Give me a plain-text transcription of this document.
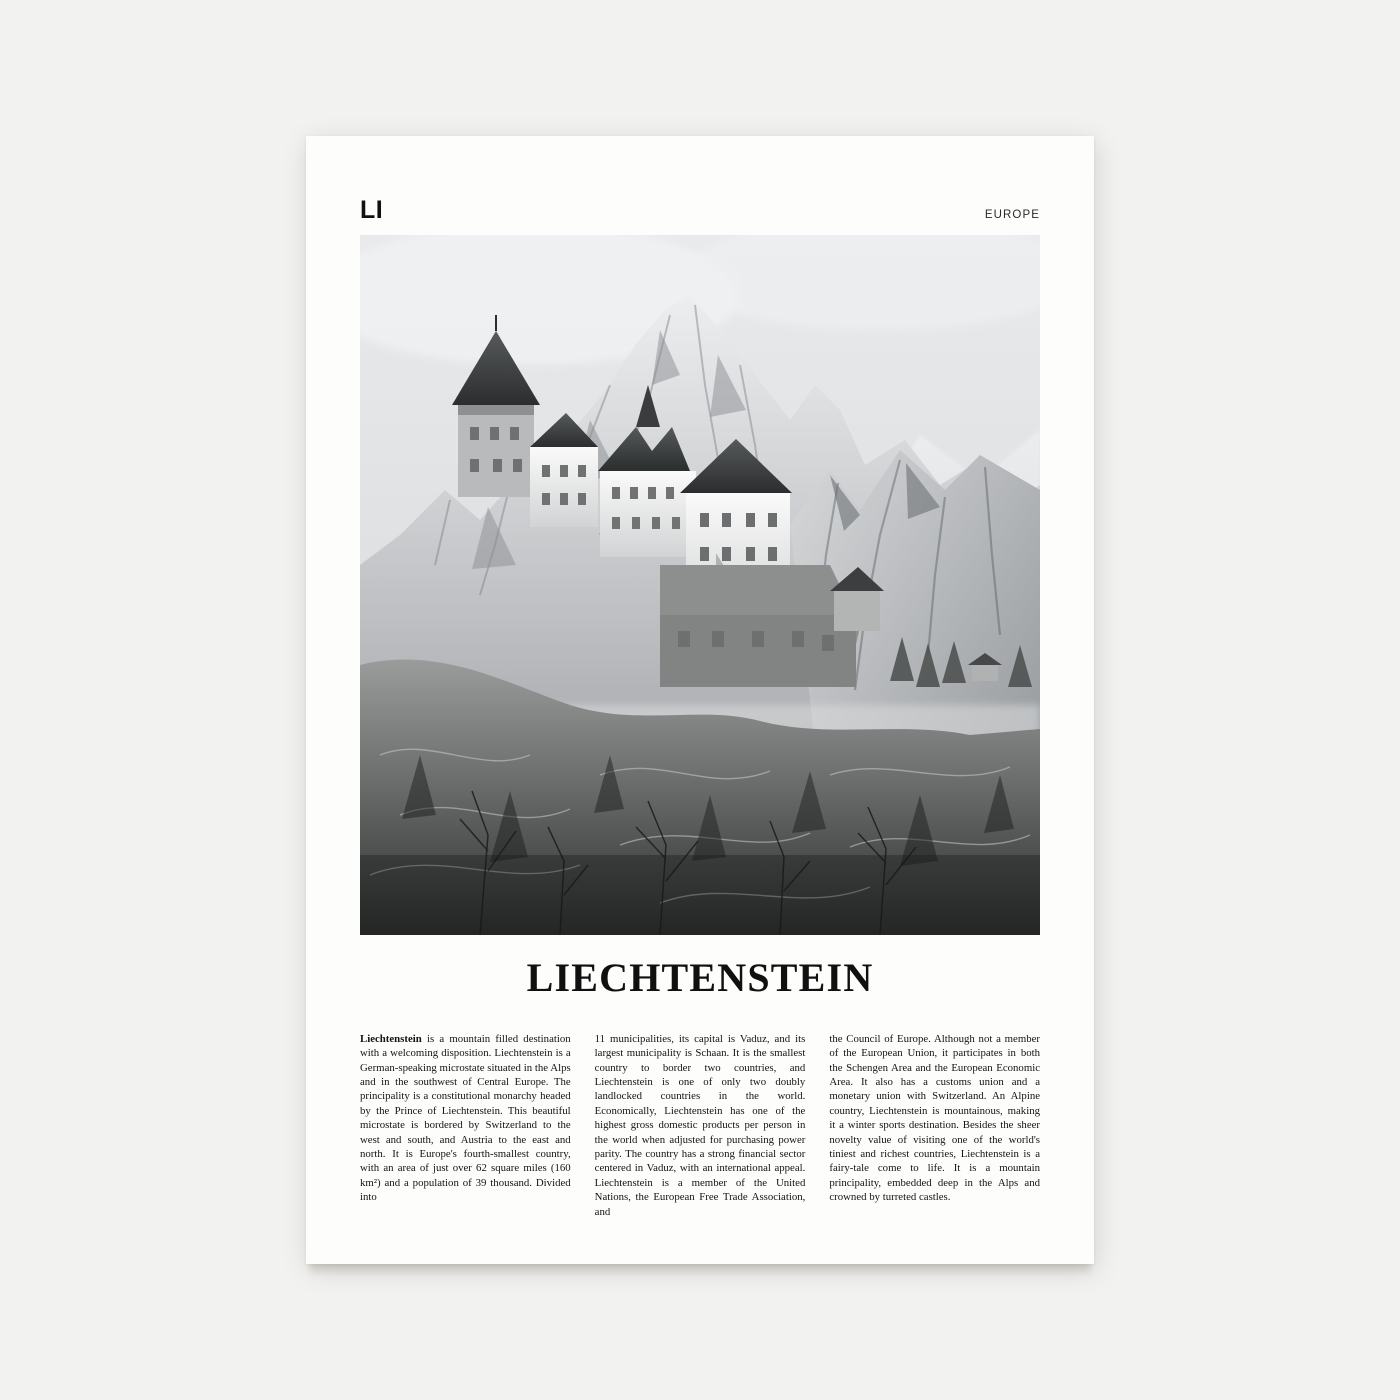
LI	EUROPE
LIECHTENSTEIN

Liechtenstein is a mountain filled destination with a welcoming disposition. Liechtenstein is a German-speaking microstate situated in the Alps and in the southwest of Central Europe. The principality is a constitutional monarchy headed by the Prince of Liechtenstein. This beautiful microstate is bordered by Switzerland to the west and south, and Austria to the east and north. It is Europe's fourth-smallest country, with an area of just over 62 square miles (160 km²) and a population of 39 thousand. Divided into

11 municipalities, its capital is Vaduz, and its largest municipality is Schaan. It is the smallest country to border two countries, and Liechtenstein is one of only two doubly landlocked countries in the world. Economically, Liechtenstein has one of the highest gross domestic products per person in the world when adjusted for purchasing power parity. The country has a strong financial sector centered in Vaduz, with an international appeal. Liechtenstein is a member of the United Nations, the European Free Trade Association, and

the Council of Europe. Although not a member of the European Union, it participates in both the Schengen Area and the European Economic Area. It also has a customs union and a monetary union with Switzerland. An Alpine country, Liechtenstein is mountainous, making it a winter sports destination. Besides the sheer novelty value of visiting one of the world's tiniest and richest countries, Liechtenstein is a fairy-tale come to life. It is a mountain principality, embedded deep in the Alps and crowned by turreted castles.
